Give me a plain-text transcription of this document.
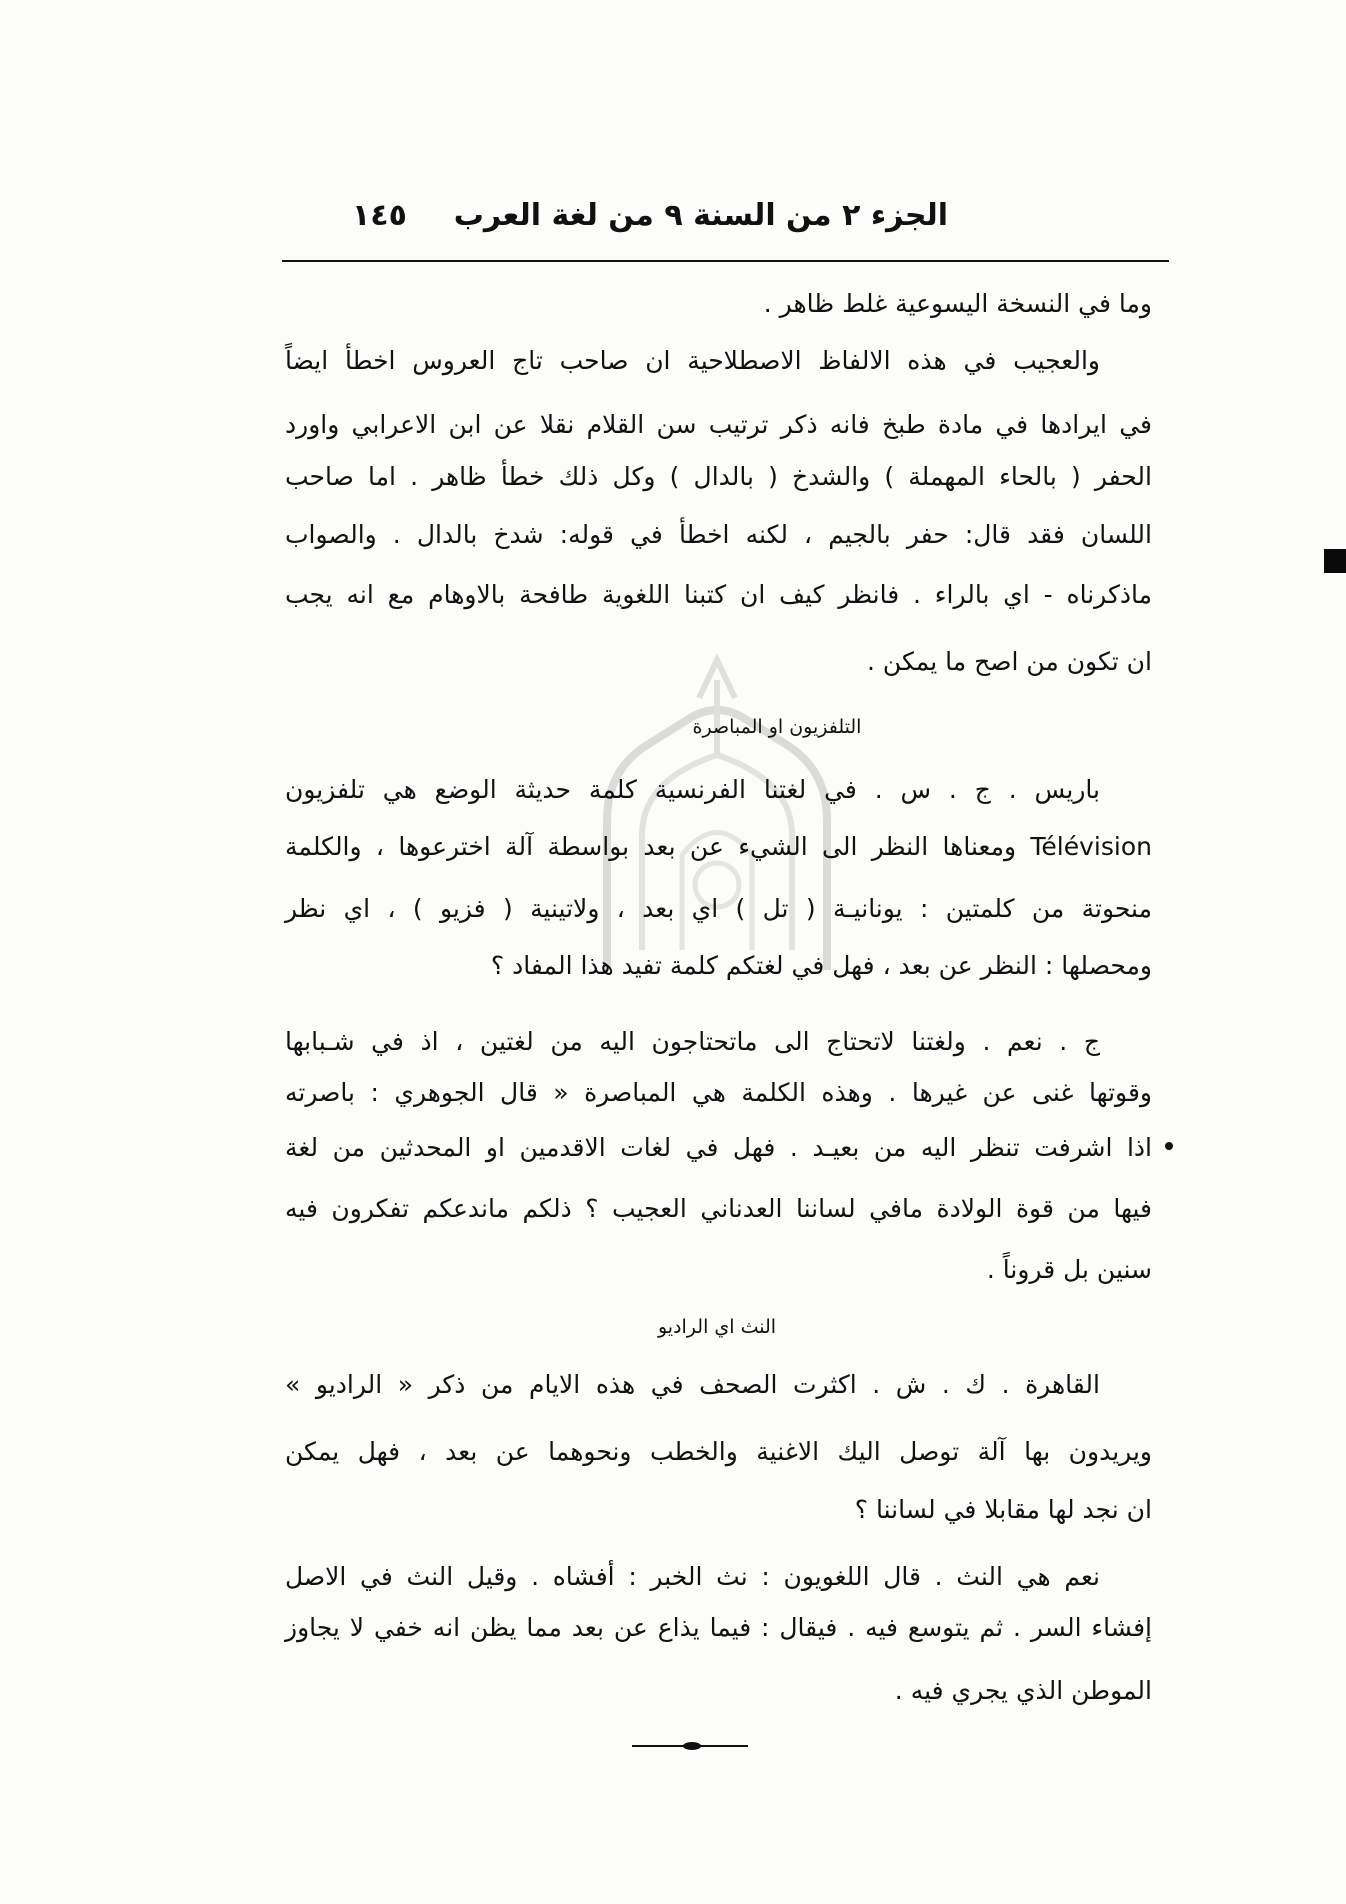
الجزء ٢ من السنة ٩ من لغة العرب
١٤٥
وما في النسخة اليسوعية غلط ظاهر .
والعجيب في هذه الالفاظ الاصطلاحية ان صاحب تاج العروس اخطأ ايضاً
في ايرادها في مادة طبخ فانه ذكر ترتيب سن القلام نقلا عن ابن الاعرابي واورد
الحفر ( بالحاء المهملة ) والشدخ ( بالدال ) وكل ذلك خطأ ظاهر . اما صاحب
اللسان فقد قال: حفر بالجيم ، لكنه اخطأ في قوله: شدخ بالدال . والصواب
ماذكرناه - اي بالراء . فانظر كيف ان كتبنا اللغوية طافحة بالاوهام مع انه يجب
ان تكون من اصح ما يمكن .
التلفزيون او المباصرة
باريس . ج . س . في لغتنا الفرنسية كلمة حديثة الوضع هي تلفزيون
Télévision ومعناها النظر الى الشيء عن بعد بواسطة آلة اخترعوها ، والكلمة
منحوتة من كلمتين : يونانيـة ( تل ) اي بعد ، ولاتينية ( فزيو ) ، اي نظر
ومحصلها : النظر عن بعد ، فهل في لغتكم كلمة تفيد هذا المفاد ؟
ج . نعم . ولغتنا لاتحتاج الى ماتحتاجون اليه من لغتين ، اذ في شـبابها
وقوتها غنى عن غيرها . وهذه الكلمة هي المباصرة « قال الجوهري : باصرته
اذا اشرفت تنظر اليه من بعيـد . فهل في لغات الاقدمين او المحدثين من لغة
فيها من قوة الولادة مافي لساننا العدناني العجيب ؟ ذلكم ماندعكم تفكرون فيه
سنين بل قروناً .
النث اي الراديو
القاهرة . ك . ش . اكثرت الصحف في هذه الايام من ذكر « الراديو »
ويريدون بها آلة توصل اليك الاغنية والخطب ونحوهما عن بعد ، فهل يمكن
ان نجد لها مقابلا في لساننا ؟
نعم هي النث . قال اللغويون : نث الخبر : أفشاه . وقيل النث في الاصل
إفشاء السر . ثم يتوسع فيه . فيقال : فيما يذاع عن بعد مما يظن انه خفي لا يجاوز
الموطن الذي يجري فيه .
